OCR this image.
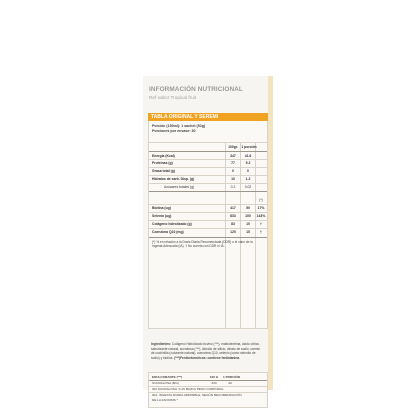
INFORMACIÓN NUTRICIONAL
Ref sabor Tropical fruit
TABLA ORIGINAL Y SEREMI
Porción (150ml): 1 sachet (52g)
Porciones por envase: 30
100gr.	1 porción
Energía (Kcal)	347	41.6
Proteínas (g)	77	9.2
Grasa total (g)	0	0
Hidratos de carb. Disp. (g)	10	1.2
Azúcares totales (g)	0.2	0.02
(*)
Biotina (ug)	417	50	17%
Selenio (ug)	833	100	143%
Colágeno hidrolizado (g)	83	10	†
Coenzima Q10 (mg)	125	15	†
(*) % en relación a la Dosis Diaria Recomendada (DDR) o el valor de la Ingesta Adecuada (IA). † No cuenta con DDR ni IA.
Ingredientes: Colágeno Hidrolizado bovino (***), maltodextrina, ácido cítrico, saborizante natural, sucralosa (***), dióxido de silicio, citrato de sodio, carmín de cochinilla (colorante natural), coenzima Q10, selenio (como selenito de sodio) y biotina. (***)Fenilcetonúricos: contiene fenilalanina.
EDULCORANTE (***)	100 G	1 PORCIÓN
SUCRALOSA (MG)	333	40
IDA SUCRALOSA: 0-15 MG/KG PESO CORPORAL
IDA: INGESTA DIARIA ADMISIBLE, SEGÚN RECOMENDACIÓN
DE LA FAO/OMS *
